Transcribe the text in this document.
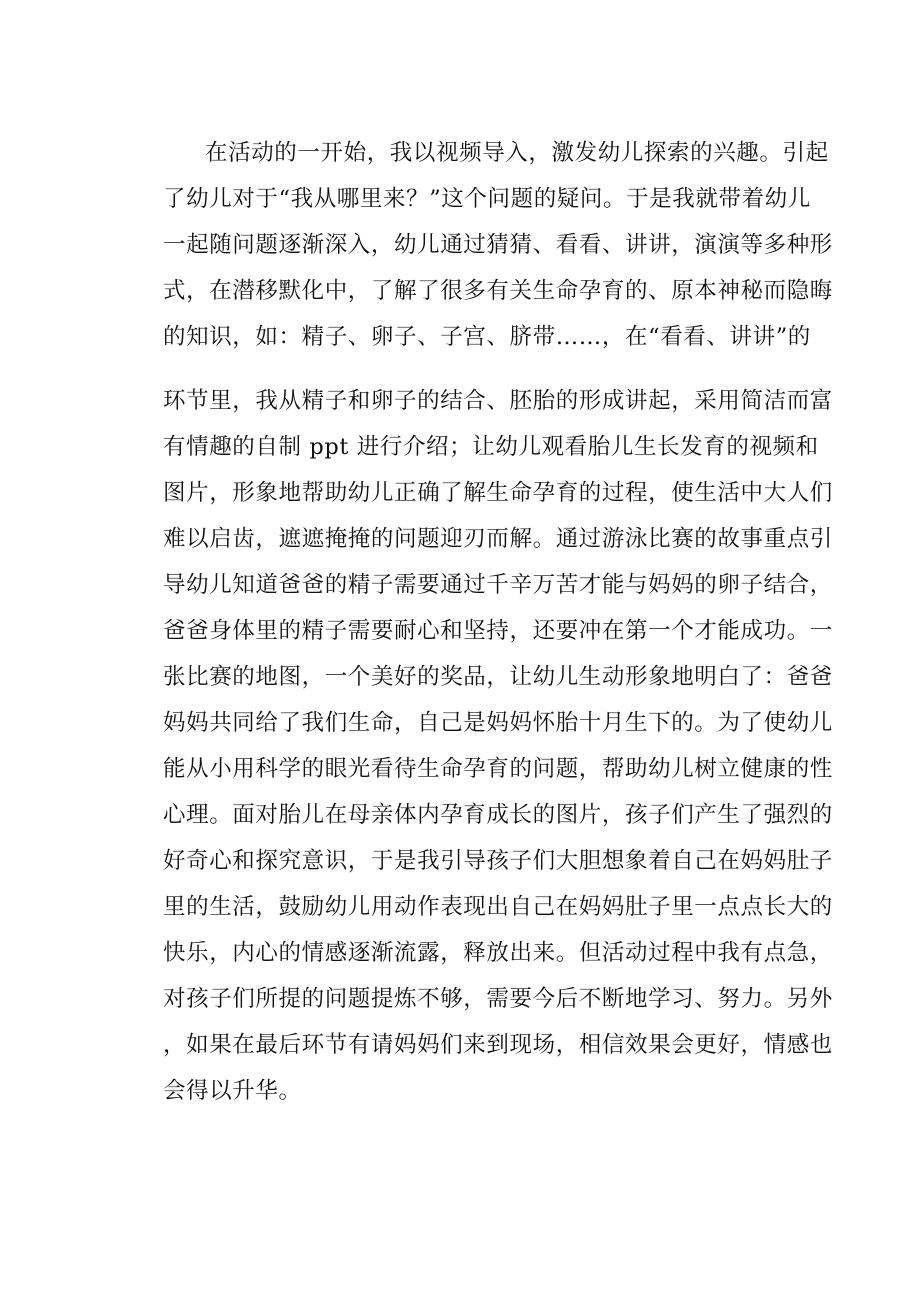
在活动的一开始，我以视频导入，激发幼儿探索的兴趣。引起
了幼儿对于“我从哪里来？”这个问题的疑问。于是我就带着幼儿
一起随问题逐渐深入，幼儿通过猜猜、看看、讲讲，演演等多种形
式，在潜移默化中，了解了很多有关生命孕育的、原本神秘而隐晦
的知识，如：精子、卵子、子宫、脐带……，在“看看、讲讲”的
环节里，我从精子和卵子的结合、胚胎的形成讲起，采用简洁而富
有情趣的自制 ppt 进行介绍；让幼儿观看胎儿生长发育的视频和
图片，形象地帮助幼儿正确了解生命孕育的过程，使生活中大人们
难以启齿，遮遮掩掩的问题迎刃而解。通过游泳比赛的故事重点引
导幼儿知道爸爸的精子需要通过千辛万苦才能与妈妈的卵子结合，
爸爸身体里的精子需要耐心和坚持，还要冲在第一个才能成功。一
张比赛的地图，一个美好的奖品，让幼儿生动形象地明白了：爸爸
妈妈共同给了我们生命，自己是妈妈怀胎十月生下的。为了使幼儿
能从小用科学的眼光看待生命孕育的问题，帮助幼儿树立健康的性
心理。面对胎儿在母亲体内孕育成长的图片，孩子们产生了强烈的
好奇心和探究意识，于是我引导孩子们大胆想象着自己在妈妈肚子
里的生活，鼓励幼儿用动作表现出自己在妈妈肚子里一点点长大的
快乐，内心的情感逐渐流露，释放出来。但活动过程中我有点急，
对孩子们所提的问题提炼不够，需要今后不断地学习、努力。另外
，如果在最后环节有请妈妈们来到现场，相信效果会更好，情感也
会得以升华。
